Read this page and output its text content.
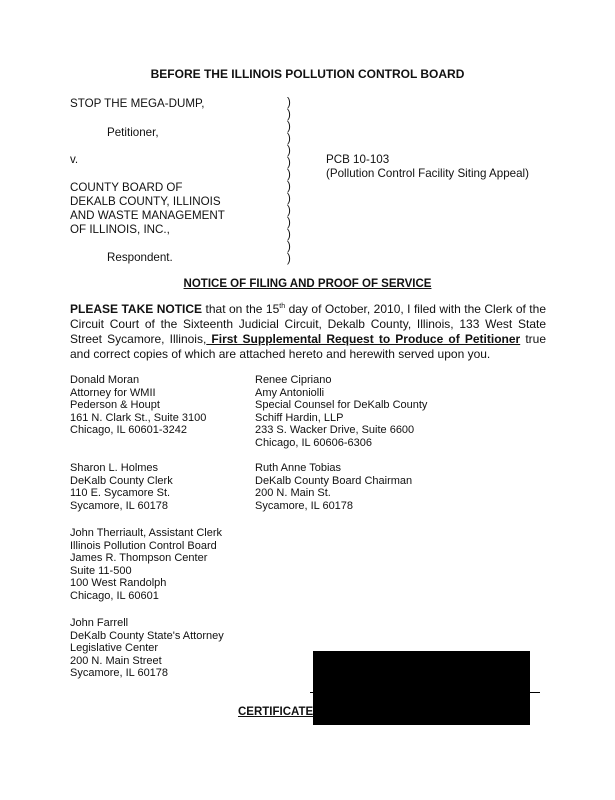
BEFORE THE ILLINOIS POLLUTION CONTROL BOARD
STOP THE MEGA-DUMP,
Petitioner,
v.
COUNTY BOARD OF
DEKALB COUNTY, ILLINOIS
AND WASTE MANAGEMENT
OF ILLINOIS, INC.,
Respondent.
)
)
)
)
)
)
)
)
)
)
)
)
)
)
PCB 10-103
(Pollution Control Facility Siting Appeal)
NOTICE OF FILING AND PROOF OF SERVICE
PLEASE TAKE NOTICE that on the 15th day of October, 2010, I filed with the Clerk of the Circuit Court of the Sixteenth Judicial Circuit, Dekalb County, Illinois, 133 West State Street Sycamore, Illinois, First Supplemental Request to Produce of Petitioner true and correct copies of which are attached hereto and herewith served upon you.
Donald Moran
Attorney for WMII
Pederson & Houpt
161 N. Clark St., Suite 3100
Chicago, IL 60601-3242
Sharon L. Holmes
DeKalb County Clerk
110 E. Sycamore St.
Sycamore, IL 60178
John Therriault, Assistant Clerk
Illinois Pollution Control Board
James R. Thompson Center
Suite 11-500
100 West Randolph
Chicago, IL 60601
John Farrell
DeKalb County State's Attorney
Legislative Center
200 N. Main Street
Sycamore, IL 60178
Renee Cipriano
Amy Antoniolli
Special Counsel for DeKalb County
Schiff Hardin, LLP
233 S. Wacker Drive, Suite 6600
Chicago, IL 60606-6306
Ruth Anne Tobias
DeKalb County Board Chairman
200 N. Main St.
Sycamore, IL 60178
CERTIFICATE
